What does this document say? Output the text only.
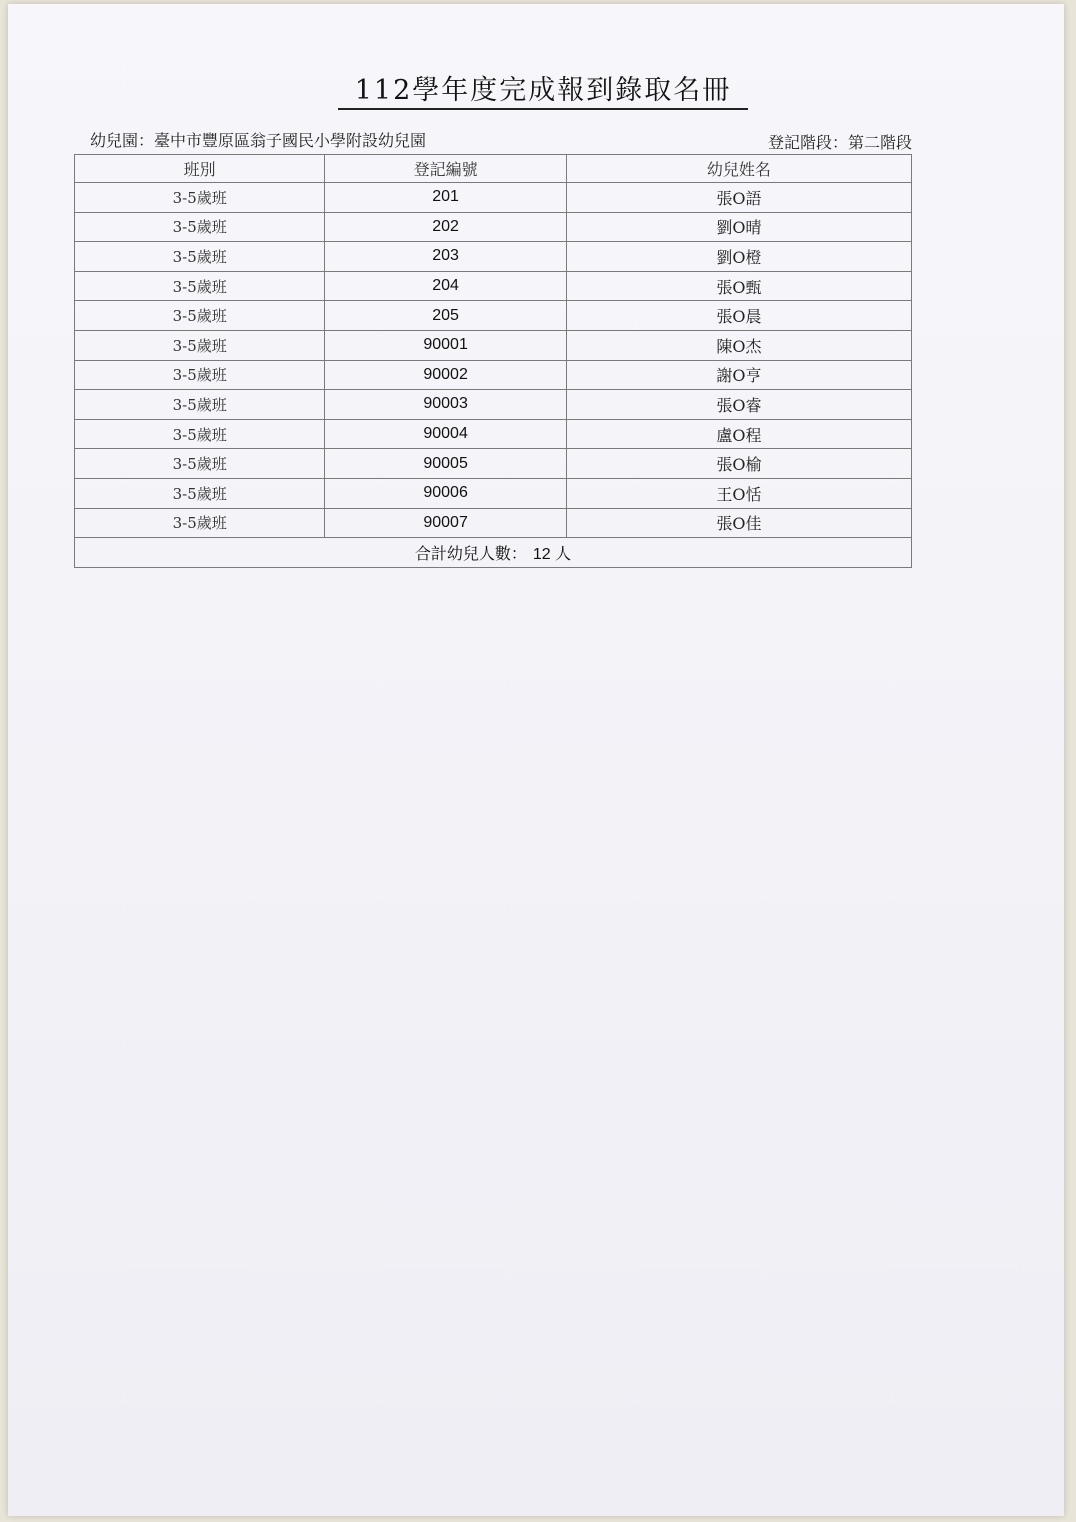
112學年度完成報到錄取名冊
幼兒園：臺中市豐原區翁子國民小學附設幼兒園	登記階段：第二階段
班別	登記編號	幼兒姓名
3-5歲班	201	張O語
3-5歲班	202	劉O晴
3-5歲班	203	劉O橙
3-5歲班	204	張O甄
3-5歲班	205	張O晨
3-5歲班	90001	陳O杰
3-5歲班	90002	謝O亨
3-5歲班	90003	張O睿
3-5歲班	90004	盧O程
3-5歲班	90005	張O榆
3-5歲班	90006	王O恬
3-5歲班	90007	張O佳
合計幼兒人數： 12 人		
